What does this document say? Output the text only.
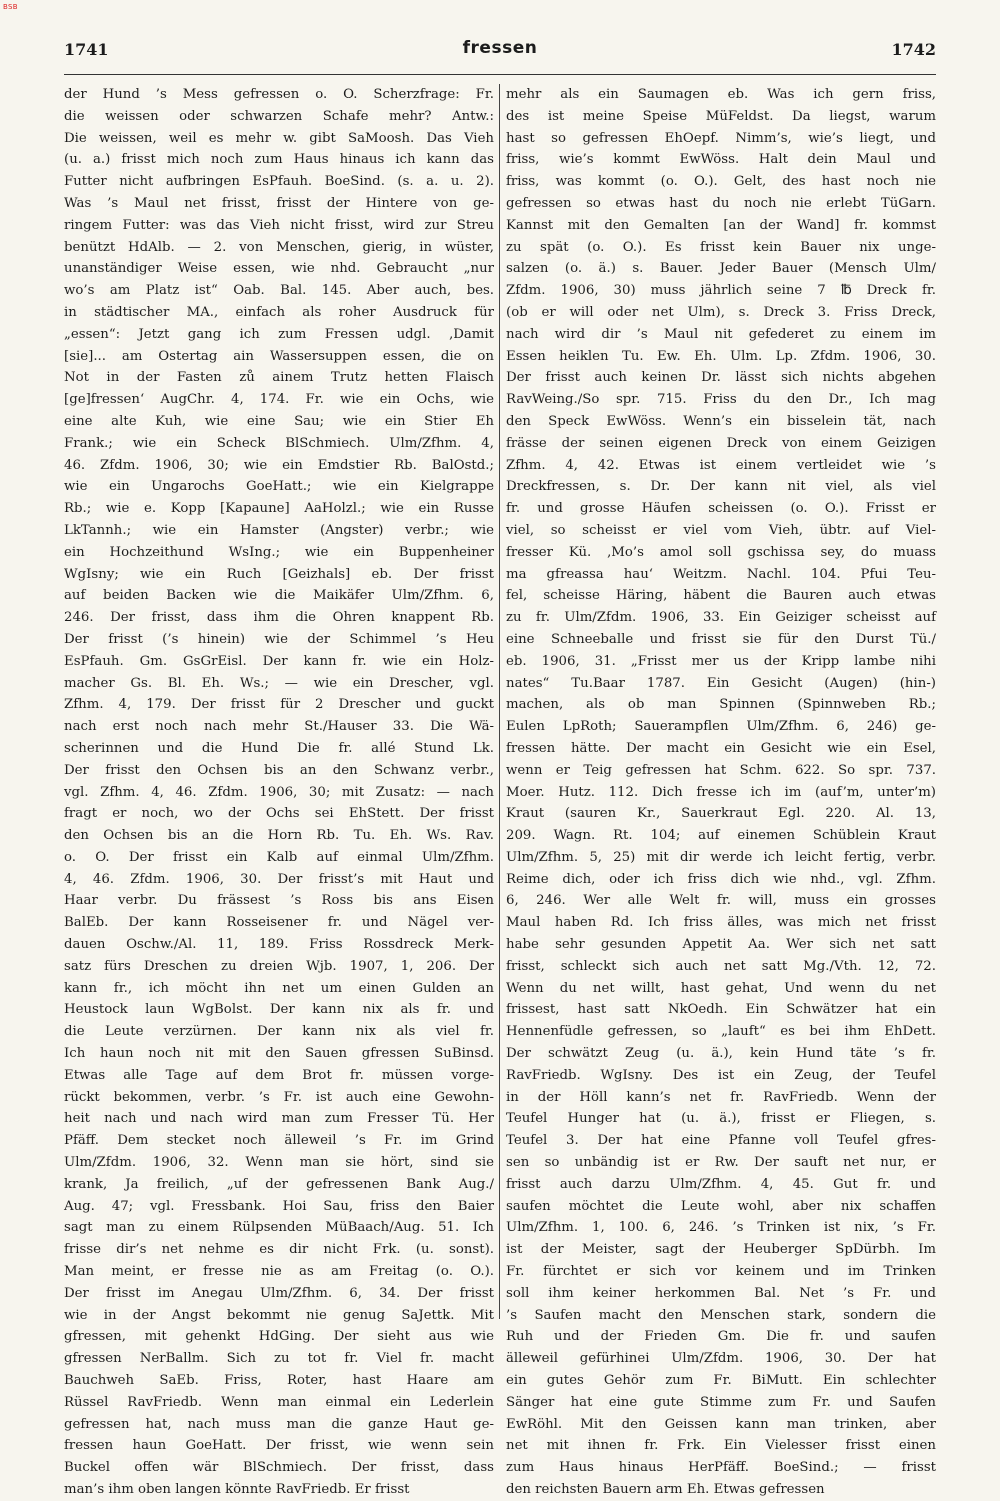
BSB
1741	fressen	1742
der Hund ’s Mess gefressen o. O. Scherzfrage: Fr.
die weissen oder schwarzen Schafe mehr? Antw.:
Die weissen, weil es mehr w. gibt SaMoosh. Das Vieh
(u. a.) frisst mich noch zum Haus hinaus ich kann das
Futter nicht aufbringen EsPfauh. BoeSind. (s. a. u. 2).
Was ’s Maul net frisst, frisst der Hintere von ge-
ringem Futter: was das Vieh nicht frisst, wird zur Streu
benützt HdAlb. — 2. von Menschen, gierig, in wüster,
unanständiger Weise essen, wie nhd. Gebraucht „nur
wo’s am Platz ist“ Oab. Bal. 145. Aber auch, bes.
in städtischer MA., einfach als roher Ausdruck für
„essen“: Jetzt gang ich zum Fressen udgl. ‚Damit
[sie]... am Ostertag ain Wassersuppen essen, die on
Not in der Fasten zů ainem Trutz hetten Flaisch
[ge]fressen‘ AugChr. 4, 174. Fr. wie ein Ochs, wie
eine alte Kuh, wie eine Sau; wie ein Stier Eh
Frank.; wie ein Scheck BlSchmiech. Ulm/Zfhm. 4,
46. Zfdm. 1906, 30; wie ein Emdstier Rb. BalOstd.;
wie ein Ungarochs GoeHatt.; wie ein Kielgrappe
Rb.; wie e. Kopp [Kapaune] AaHolzl.; wie ein Russe
LkTannh.; wie ein Hamster (Angster) verbr.; wie
ein Hochzeithund WsIng.; wie ein Buppenheiner
WgIsny; wie ein Ruch [Geizhals] eb. Der frisst
auf beiden Backen wie die Maikäfer Ulm/Zfhm. 6,
246. Der frisst, dass ihm die Ohren knappent Rb.
Der frisst (’s hinein) wie der Schimmel ’s Heu
EsPfauh. Gm. GsGrEisl. Der kann fr. wie ein Holz-
macher Gs. Bl. Eh. Ws.; — wie ein Drescher, vgl.
Zfhm. 4, 179. Der frisst für 2 Drescher und guckt
nach erst noch nach mehr St./Hauser 33. Die Wä-
scherinnen und die Hund Die fr. allé Stund Lk.
Der frisst den Ochsen bis an den Schwanz verbr.,
vgl. Zfhm. 4, 46. Zfdm. 1906, 30; mit Zusatz: — nach
fragt er noch, wo der Ochs sei EhStett. Der frisst
den Ochsen bis an die Horn Rb. Tu. Eh. Ws. Rav.
o. O. Der frisst ein Kalb auf einmal Ulm/Zfhm.
4, 46. Zfdm. 1906, 30. Der frisst’s mit Haut und
Haar verbr. Du frässest ’s Ross bis ans Eisen
BalEb. Der kann Rosseisener fr. und Nägel ver-
dauen Oschw./Al. 11, 189. Friss Rossdreck Merk-
satz fürs Dreschen zu dreien Wjb. 1907, 1, 206. Der
kann fr., ich möcht ihn net um einen Gulden an
Heustock laun WgBolst. Der kann nix als fr. und
die Leute verzürnen. Der kann nix als viel fr.
Ich haun noch nit mit den Sauen gfressen SuBinsd.
Etwas alle Tage auf dem Brot fr. müssen vorge-
rückt bekommen, verbr. ’s Fr. ist auch eine Gewohn-
heit nach und nach wird man zum Fresser Tü. Her
Pfäff. Dem stecket noch älleweil ’s Fr. im Grind
Ulm/Zfdm. 1906, 32. Wenn man sie hört, sind sie
krank, Ja freilich, „uf der gefressenen Bank Aug./
Aug. 47; vgl. Fressbank. Hoi Sau, friss den Baier
sagt man zu einem Rülpsenden MüBaach/Aug. 51. Ich
frisse dir’s net nehme es dir nicht Frk. (u. sonst).
Man meint, er fresse nie as am Freitag (o. O.).
Der frisst im Anegau Ulm/Zfhm. 6, 34. Der frisst
wie in der Angst bekommt nie genug SaJettk. Mit
gfressen, mit gehenkt HdGing. Der sieht aus wie
gfressen NerBallm. Sich zu tot fr. Viel fr. macht
Bauchweh SaEb. Friss, Roter, hast Haare am
Rüssel RavFriedb. Wenn man einmal ein Lederlein
gefressen hat, nach muss man die ganze Haut ge-
fressen haun GoeHatt. Der frisst, wie wenn sein
Buckel offen wär BlSchmiech. Der frisst, dass
man’s ihm oben langen könnte RavFriedb. Er frisst
mehr als ein Saumagen eb. Was ich gern friss,
des ist meine Speise MüFeldst. Da liegst, warum
hast so gefressen EhOepf. Nimm’s, wie’s liegt, und
friss, wie’s kommt EwWöss. Halt dein Maul und
friss, was kommt (o. O.). Gelt, des hast noch nie
gefressen so etwas hast du noch nie erlebt TüGarn.
Kannst mit den Gemalten [an der Wand] fr. kommst
zu spät (o. O.). Es frisst kein Bauer nix unge-
salzen (o. ä.) s. Bauer. Jeder Bauer (Mensch Ulm/
Zfdm. 1906, 30) muss jährlich seine 7 ℔ Dreck fr.
(ob er will oder net Ulm), s. Dreck 3. Friss Dreck,
nach wird dir ’s Maul nit gefederet zu einem im
Essen heiklen Tu. Ew. Eh. Ulm. Lp. Zfdm. 1906, 30.
Der frisst auch keinen Dr. lässt sich nichts abgehen
RavWeing./So spr. 715. Friss du den Dr., Ich mag
den Speck EwWöss. Wenn’s ein bisselein tät, nach
frässe der seinen eigenen Dreck von einem Geizigen
Zfhm. 4, 42. Etwas ist einem vertleidet wie ’s
Dreckfressen, s. Dr. Der kann nit viel, als viel
fr. und grosse Häufen scheissen (o. O.). Frisst er
viel, so scheisst er viel vom Vieh, übtr. auf Viel-
fresser Kü. ‚Mo’s amol soll gschissa sey, do muass
ma gfreassa hau‘ Weitzm. Nachl. 104. Pfui Teu-
fel, scheisse Häring, häbent die Bauren auch etwas
zu fr. Ulm/Zfdm. 1906, 33. Ein Geiziger scheisst auf
eine Schneeballe und frisst sie für den Durst Tü./
eb. 1906, 31. „Frisst mer us der Kripp lambe nihi
nates“ Tu.Baar 1787. Ein Gesicht (Augen) (hin-)
machen, als ob man Spinnen (Spinnweben Rb.;
Eulen LpRoth; Sauerampflen Ulm/Zfhm. 6, 246) ge-
fressen hätte. Der macht ein Gesicht wie ein Esel,
wenn er Teig gefressen hat Schm. 622. So spr. 737.
Moer. Hutz. 112. Dich fresse ich im (auf’m, unter’m)
Kraut (sauren Kr., Sauerkraut Egl. 220. Al. 13,
209. Wagn. Rt. 104; auf einemen Schüblein Kraut
Ulm/Zfhm. 5, 25) mit dir werde ich leicht fertig, verbr.
Reime dich, oder ich friss dich wie nhd., vgl. Zfhm.
6, 246. Wer alle Welt fr. will, muss ein grosses
Maul haben Rd. Ich friss älles, was mich net frisst
habe sehr gesunden Appetit Aa. Wer sich net satt
frisst, schleckt sich auch net satt Mg./Vth. 12, 72.
Wenn du net willt, hast gehat, Und wenn du net
frissest, hast satt NkOedh. Ein Schwätzer hat ein
Hennenfüdle gefressen, so „lauft“ es bei ihm EhDett.
Der schwätzt Zeug (u. ä.), kein Hund täte ’s fr.
RavFriedb. WgIsny. Des ist ein Zeug, der Teufel
in der Höll kann’s net fr. RavFriedb. Wenn der
Teufel Hunger hat (u. ä.), frisst er Fliegen, s.
Teufel 3. Der hat eine Pfanne voll Teufel gfres-
sen so unbändig ist er Rw. Der sauft net nur, er
frisst auch darzu Ulm/Zfhm. 4, 45. Gut fr. und
saufen möchtet die Leute wohl, aber nix schaffen
Ulm/Zfhm. 1, 100. 6, 246. ’s Trinken ist nix, ’s Fr.
ist der Meister, sagt der Heuberger SpDürbh. Im
Fr. fürchtet er sich vor keinem und im Trinken
soll ihm keiner herkommen Bal. Net ’s Fr. und
’s Saufen macht den Menschen stark, sondern die
Ruh und der Frieden Gm. Die fr. und saufen
älleweil gefürhinei Ulm/Zfdm. 1906, 30. Der hat
ein gutes Gehör zum Fr. BiMutt. Ein schlechter
Sänger hat eine gute Stimme zum Fr. und Saufen
EwRöhl. Mit den Geissen kann man trinken, aber
net mit ihnen fr. Frk. Ein Vielesser frisst einen
zum Haus hinaus HerPfäff. BoeSind.; — frisst
den reichsten Bauern arm Eh. Etwas gefressen
